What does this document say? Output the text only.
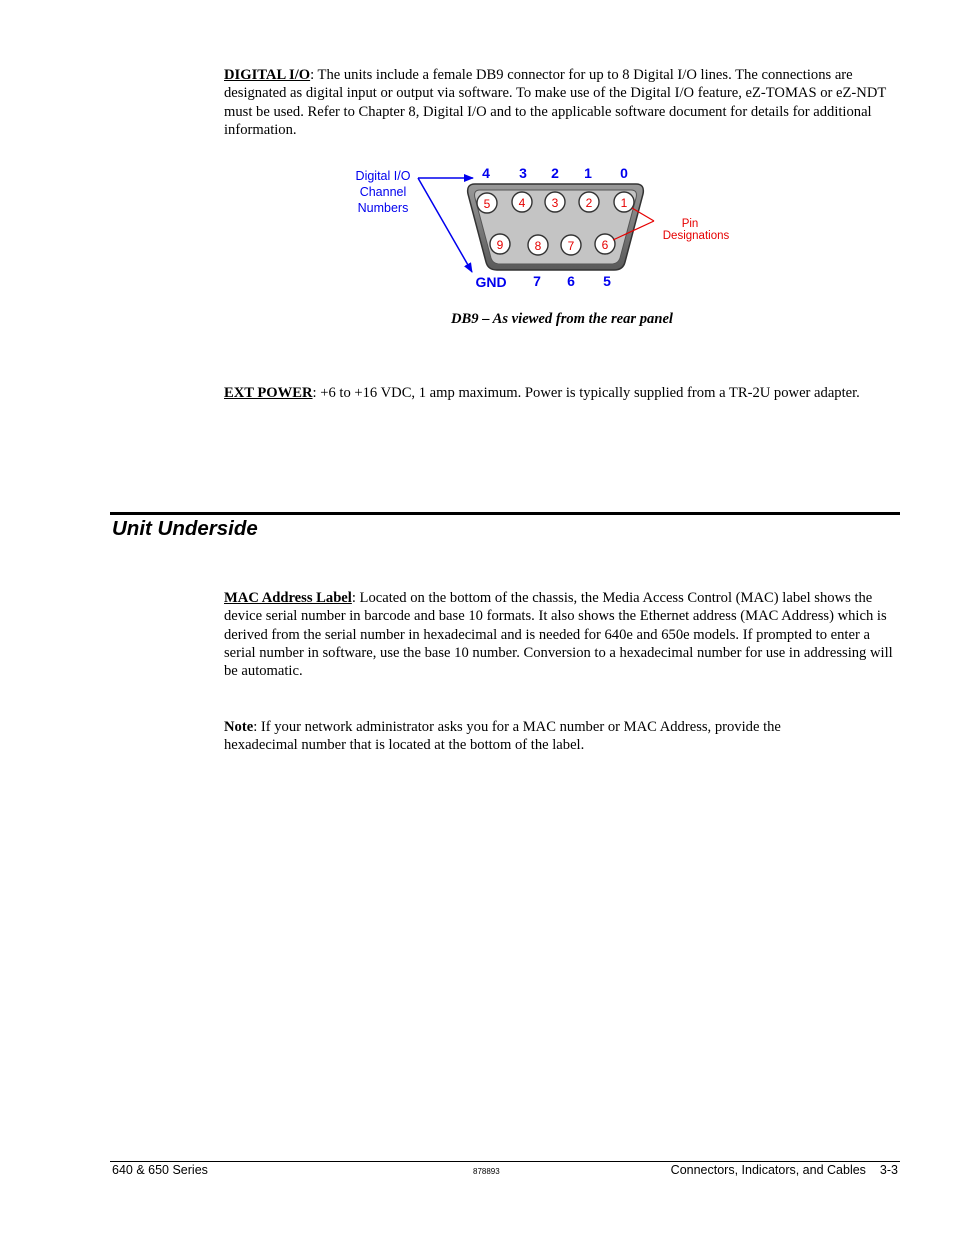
DIGITAL I/O: The units include a female DB9 connector for up to 8 Digital I/O lines. The connections are designated as digital input or output via software. To make use of the Digital I/O feature, eZ-TOMAS or eZ-NDT must be used. Refer to Chapter 8, Digital I/O and to the applicable software document for details for additional information.

5 4 3 2 1
9	8 7 6
4 3 2 1 0
GND 7 6 5
Digital I/O
Channel
Numbers
Pin
Designations
DB9 – As viewed from the rear panel

EXT POWER: +6 to +16 VDC, 1 amp maximum. Power is typically supplied from a TR-2U power adapter.

Unit Underside

MAC Address Label: Located on the bottom of the chassis, the Media Access Control (MAC) label shows the device serial number in barcode and base 10 formats. It also shows the Ethernet address (MAC Address) which is derived from the serial number in hexadecimal and is needed for 640e and 650e models. If prompted to enter a serial number in software, use the base 10 number. Conversion to a hexadecimal number for use in addressing will be automatic.

Note: If your network administrator asks you for a MAC number or MAC Address, provide the hexadecimal number that is located at the bottom of the label.

640 & 650 Series	878893	Connectors, Indicators, and Cables 3-3
